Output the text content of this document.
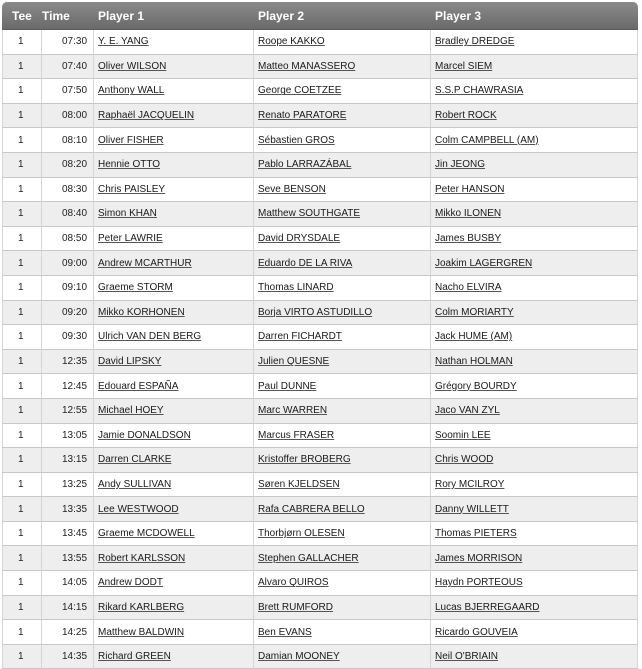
Tee	Time	Player 1	Player 2	Player 3
1	07:30	Y. E. YANG	Roope KAKKO	Bradley DREDGE
1	07:40	Oliver WILSON	Matteo MANASSERO	Marcel SIEM
1	07:50	Anthony WALL	George COETZEE	S.S.P CHAWRASIA
1	08:00	Raphaël JACQUELIN	Renato PARATORE	Robert ROCK
1	08:10	Oliver FISHER	Sébastien GROS	Colm CAMPBELL (AM)
1	08:20	Hennie OTTO	Pablo LARRAZÁBAL	Jin JEONG
1	08:30	Chris PAISLEY	Seve BENSON	Peter HANSON
1	08:40	Simon KHAN	Matthew SOUTHGATE	Mikko ILONEN
1	08:50	Peter LAWRIE	David DRYSDALE	James BUSBY
1	09:00	Andrew MCARTHUR	Eduardo DE LA RIVA	Joakim LAGERGREN
1	09:10	Graeme STORM	Thomas LINARD	Nacho ELVIRA
1	09:20	Mikko KORHONEN	Borja VIRTO ASTUDILLO	Colm MORIARTY
1	09:30	Ulrich VAN DEN BERG	Darren FICHARDT	Jack HUME (AM)
1	12:35	David LIPSKY	Julien QUESNE	Nathan HOLMAN
1	12:45	Edouard ESPAÑA	Paul DUNNE	Grégory BOURDY
1	12:55	Michael HOEY	Marc WARREN	Jaco VAN ZYL
1	13:05	Jamie DONALDSON	Marcus FRASER	Soomin LEE
1	13:15	Darren CLARKE	Kristoffer BROBERG	Chris WOOD
1	13:25	Andy SULLIVAN	Søren KJELDSEN	Rory MCILROY
1	13:35	Lee WESTWOOD	Rafa CABRERA BELLO	Danny WILLETT
1	13:45	Graeme MCDOWELL	Thorbjørn OLESEN	Thomas PIETERS
1	13:55	Robert KARLSSON	Stephen GALLACHER	James MORRISON
1	14:05	Andrew DODT	Alvaro QUIROS	Haydn PORTEOUS
1	14:15	Rikard KARLBERG	Brett RUMFORD	Lucas BJERREGAARD
1	14:25	Matthew BALDWIN	Ben EVANS	Ricardo GOUVEIA
1	14:35	Richard GREEN	Damian MOONEY	Neil O'BRIAIN
